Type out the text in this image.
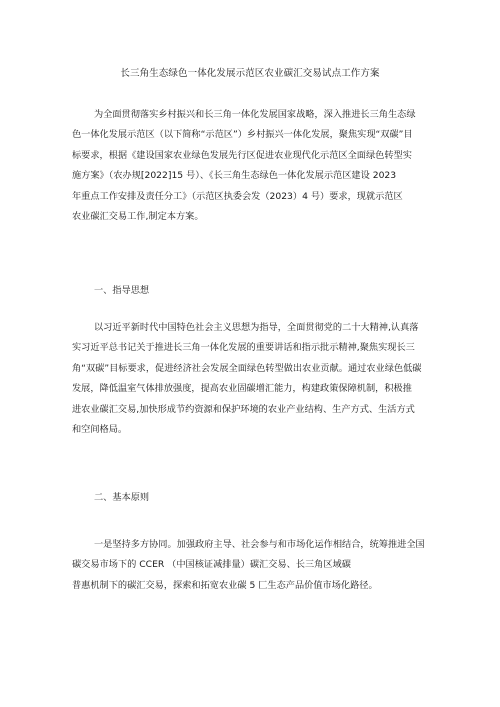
长三角生态绿色一体化发展示范区农业碳汇交易试点工作方案
为全面贯彻落实乡村振兴和长三角一体化发展国家战略，深入推进长三角生态绿
色一体化发展示范区（以下简称“示范区”）乡村振兴一体化发展，聚焦实现“双碳”目
标要求，根据《建设国家农业绿色发展先行区促进农业现代化示范区全面绿色转型实
施方案》（农办规[2022]15 号）、《长三角生态绿色一体化发展示范区建设 2023
年重点工作安排及责任分工》（示范区执委会发（2023）4 号）要求，现就示范区
农业碳汇交易工作,制定本方案。
一、指导思想
以习近平新时代中国特色社会主义思想为指导，全面贯彻党的二十大精神,认真落
实习近平总书记关于推进长三角一体化发展的重要讲话和指示批示精神,聚焦实现长三
角“双碳”目标要求，促进经济社会发展全面绿色转型做出农业贡献。通过农业绿色低碳
发展，降低温室气体排放强度，提高农业固碳增汇能力，构建政策保障机制，积极推
进农业碳汇交易,加快形成节约资源和保护环境的农业产业结构、生产方式、生活方式
和空间格局。
二、基本原则
一是坚持多方协同。加强政府主导、社会参与和市场化运作相结合，统筹推进全国
碳交易市场下的 CCER （中国核证减排量）碳汇交易、长三角区域碳
普惠机制下的碳汇交易，探索和拓宽农业碳 5 匚生态产品价值市场化路径。
